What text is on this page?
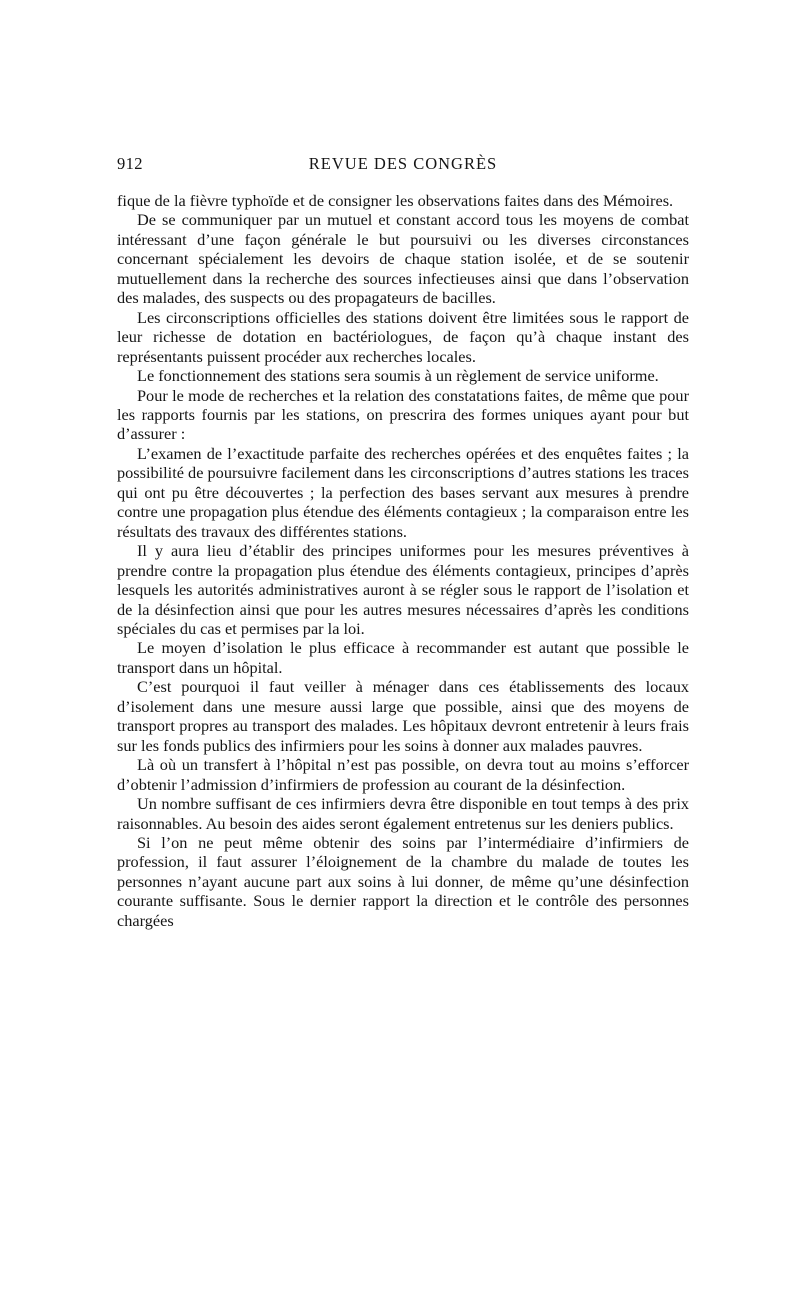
912	REVUE DES CONGRÈS

fique de la fièvre typhoïde et de consigner les observations faites dans des Mémoires.

De se communiquer par un mutuel et constant accord tous les moyens de combat intéressant d’une façon générale le but poursuivi ou les diverses circonstances concernant spécialement les devoirs de chaque station isolée, et de se soutenir mutuellement dans la recherche des sources infectieuses ainsi que dans l’observation des malades, des suspects ou des propagateurs de bacilles.

Les circonscriptions officielles des stations doivent être limitées sous le rapport de leur richesse de dotation en bactériologues, de façon qu’à chaque instant des représentants puissent procéder aux recherches locales.

Le fonctionnement des stations sera soumis à un règlement de service uniforme.

Pour le mode de recherches et la relation des constatations faites, de même que pour les rapports fournis par les stations, on prescrira des formes uniques ayant pour but d’assurer :

L’examen de l’exactitude parfaite des recherches opérées et des enquêtes faites ; la possibilité de poursuivre facilement dans les circonscriptions d’autres stations les traces qui ont pu être découvertes ; la perfection des bases servant aux mesures à prendre contre une propagation plus étendue des éléments contagieux ; la comparaison entre les résultats des travaux des différentes stations.

Il y aura lieu d’établir des principes uniformes pour les mesures préventives à prendre contre la propagation plus étendue des éléments contagieux, principes d’après lesquels les autorités administratives auront à se régler sous le rapport de l’isolation et de la désinfection ainsi que pour les autres mesures nécessaires d’après les conditions spéciales du cas et permises par la loi.

Le moyen d’isolation le plus efficace à recommander est autant que possible le transport dans un hôpital.

C’est pourquoi il faut veiller à ménager dans ces établissements des locaux d’isolement dans une mesure aussi large que possible, ainsi que des moyens de transport propres au transport des malades. Les hôpitaux devront entretenir à leurs frais sur les fonds publics des infirmiers pour les soins à donner aux malades pauvres.

Là où un transfert à l’hôpital n’est pas possible, on devra tout au moins s’efforcer d’obtenir l’admission d’infirmiers de profession au courant de la désinfection.

Un nombre suffisant de ces infirmiers devra être disponible en tout temps à des prix raisonnables. Au besoin des aides seront également entretenus sur les deniers publics.

Si l’on ne peut même obtenir des soins par l’intermédiaire d’infirmiers de profession, il faut assurer l’éloignement de la chambre du malade de toutes les personnes n’ayant aucune part aux soins à lui donner, de même qu’une désinfection courante suffisante. Sous le dernier rapport la direction et le contrôle des personnes chargées
